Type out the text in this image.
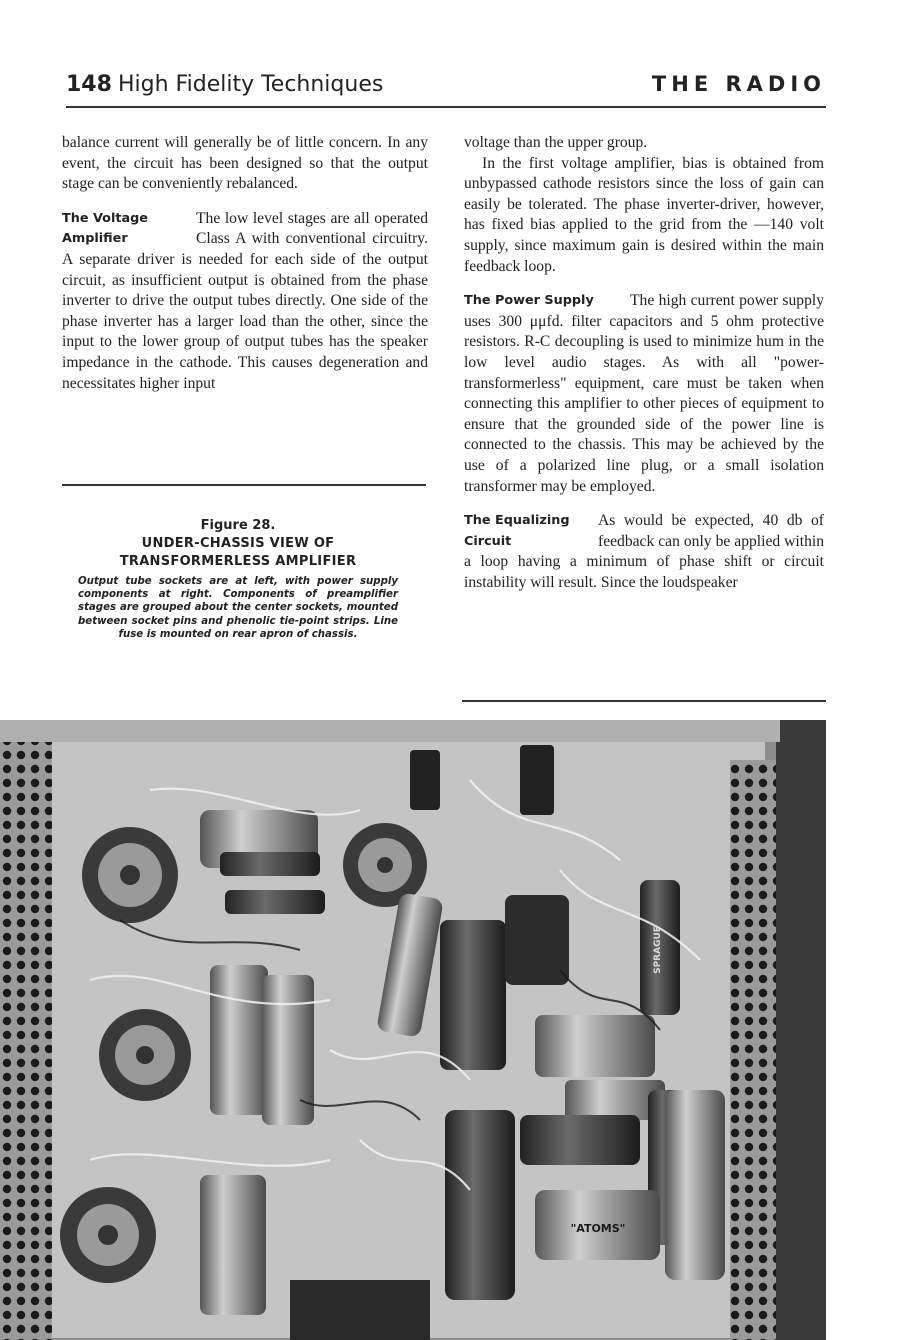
148 High Fidelity Techniques	THE RADIO

balance current will generally be of little concern. In any event, the circuit has been designed so that the output stage can be conveniently rebalanced.

The Voltage Amplifier

The low level stages are all operated Class A with conventional circuitry. A separate driver is needed for each side of the output circuit, as insufficient output is obtained from the phase inverter to drive the output tubes directly. One side of the phase inverter has a larger load than the other, since the input to the lower group of output tubes has the speaker impedance in the cathode. This causes degeneration and necessitates higher input

Figure 28.
UNDER-CHASSIS VIEW OF TRANSFORMERLESS AMPLIFIER
Output tube sockets are at left, with power supply components at right. Components of preamplifier stages are grouped about the center sockets, mounted between socket pins and phenolic tie-point strips. Line fuse is mounted on rear apron of chassis.

voltage than the upper group.

In the first voltage amplifier, bias is obtained from unbypassed cathode resistors since the loss of gain can easily be tolerated. The phase inverter-driver, however, has fixed bias applied to the grid from the —140 volt supply, since maximum gain is desired within the main feedback loop.

The Power Supply	The high current power supply uses 300 μμfd. filter capacitors and 5 ohm protective resistors. R-C decoupling is used to minimize hum in the low level audio stages. As with all "power-transformerless" equipment, care must be taken when connecting this amplifier to other pieces of equipment to ensure that the grounded side of the power line is connected to the chassis. This may be achieved by the use of a polarized line plug, or a small isolation transformer may be employed.

The Equalizing Circuit

As would be expected, 40 db of feedback can only be applied within a loop having a minimum of phase shift or circuit instability will result. Since the loudspeaker

"ATOMS"
SPRAGUE
